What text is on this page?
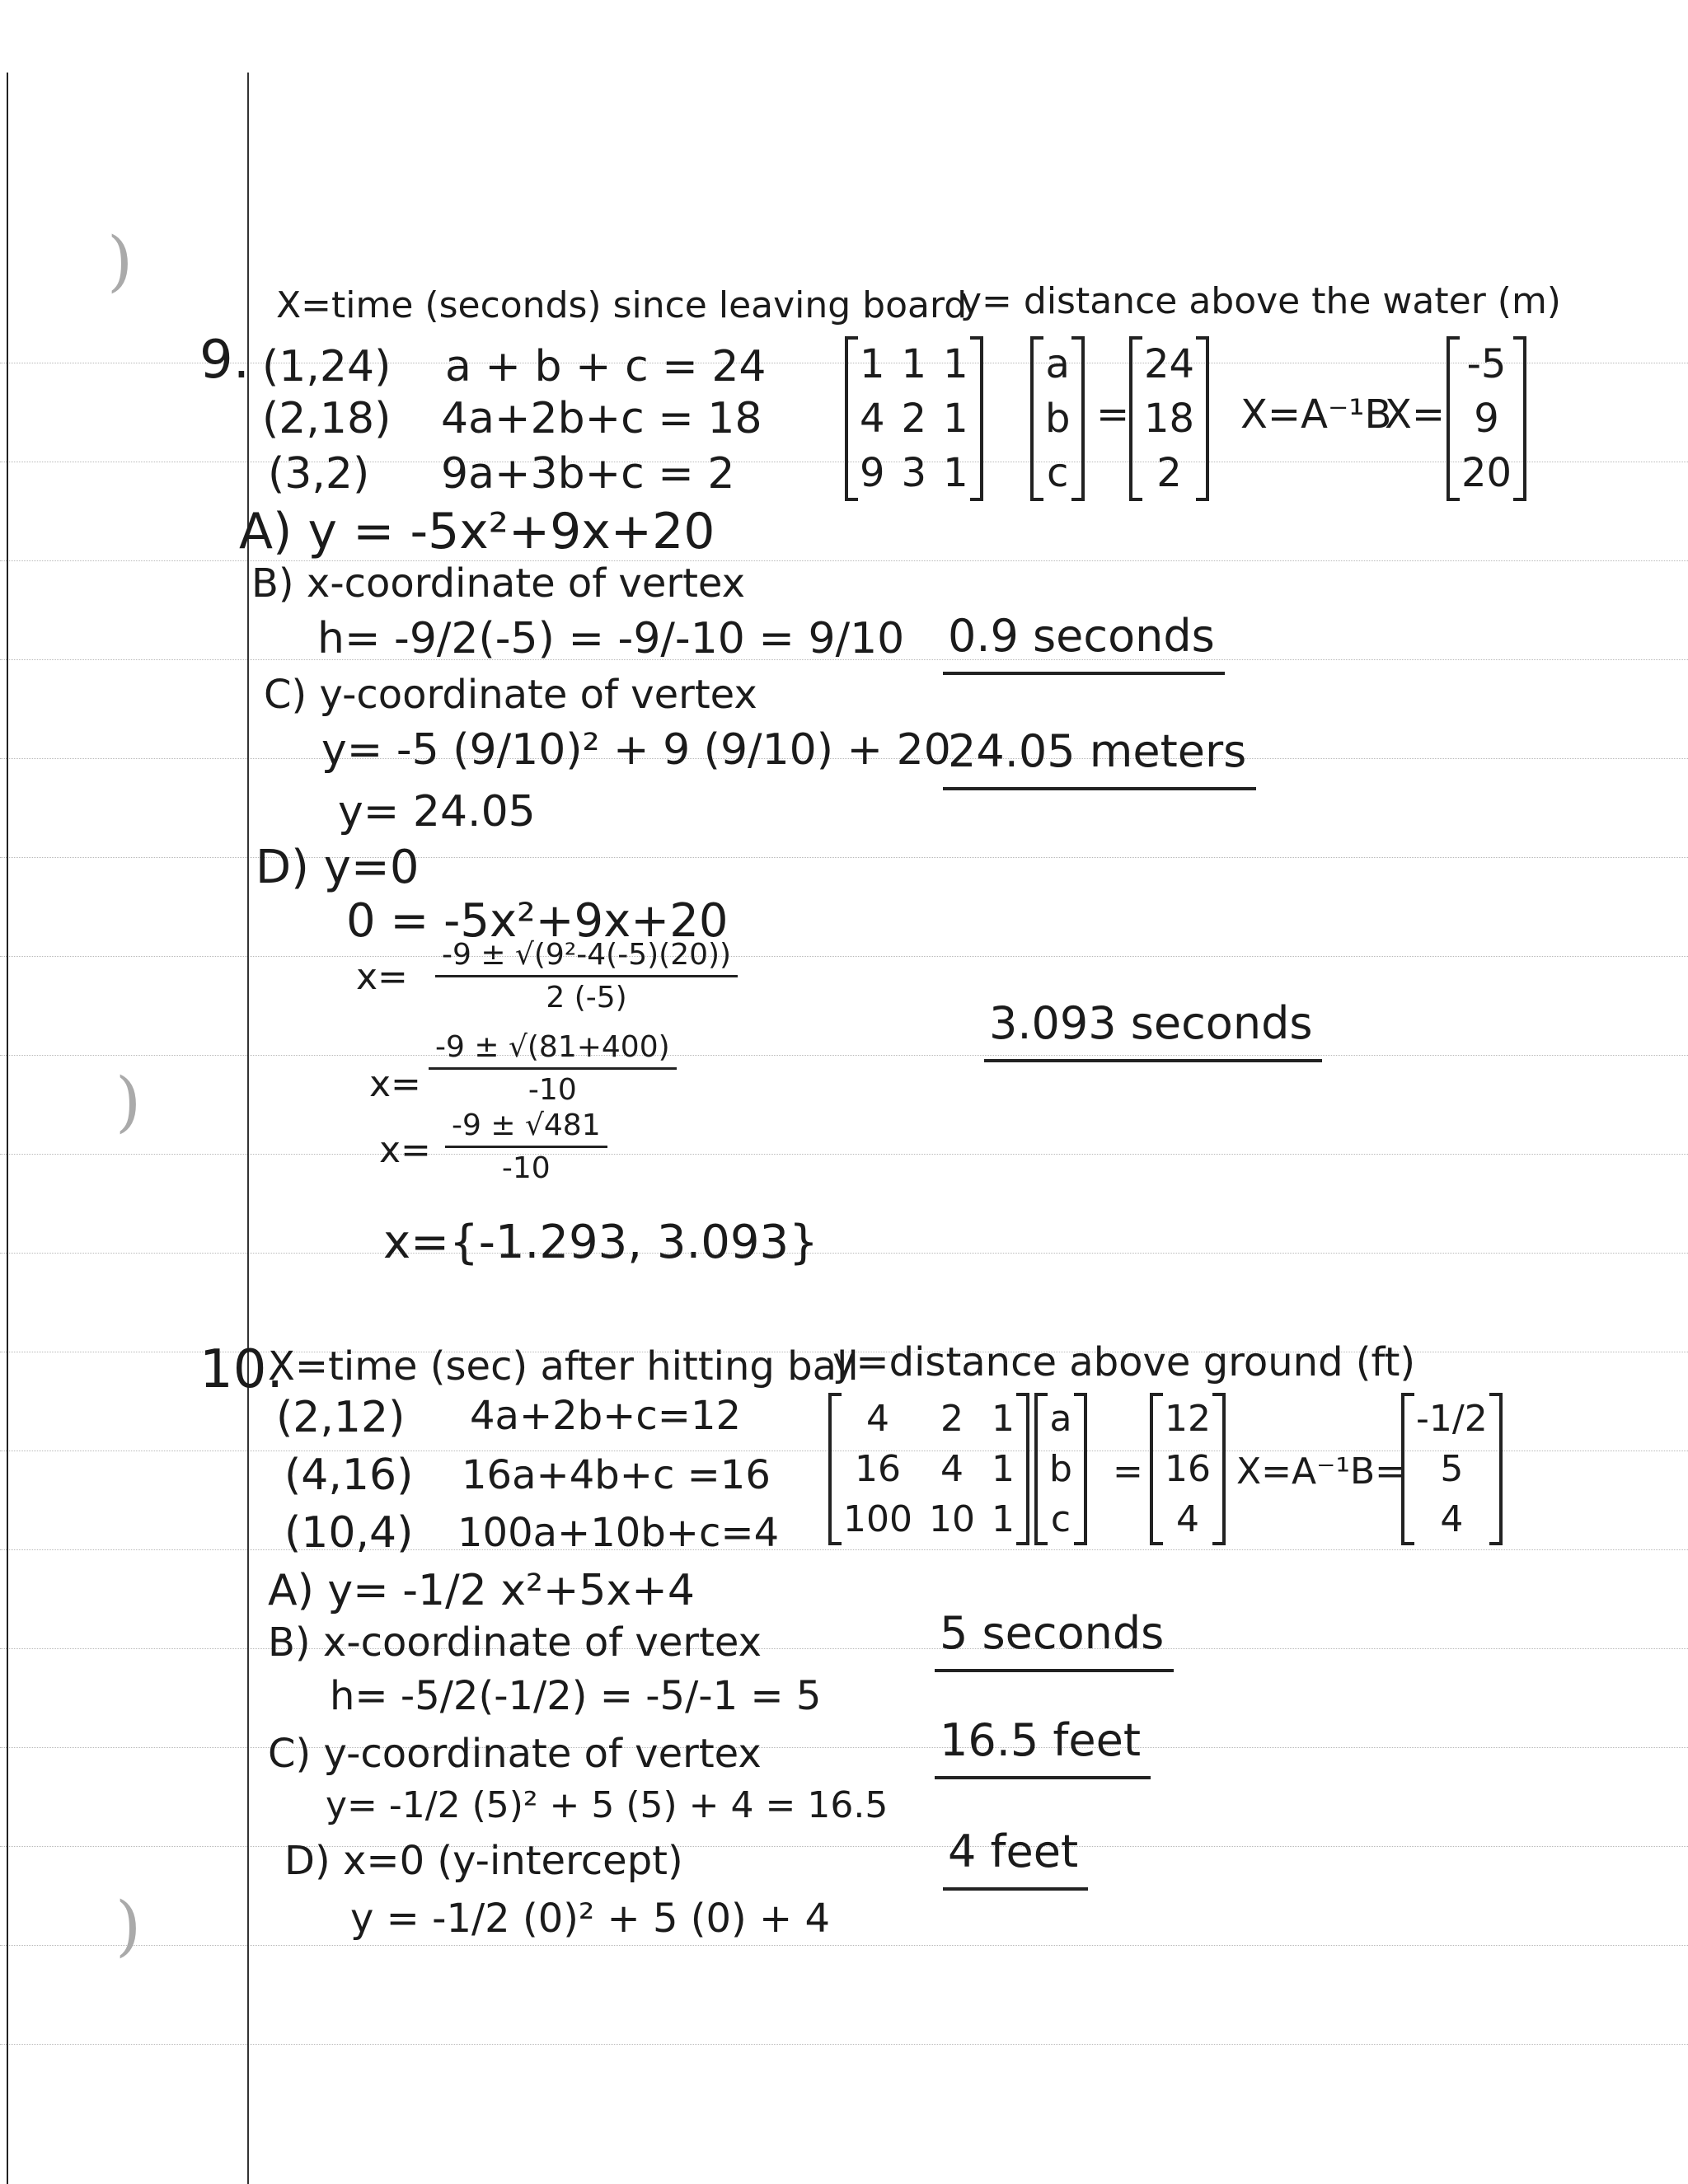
)
)
)
9.
X=time (seconds) since leaving board
y= distance above the water (m)
(1,24)
(2,18)
(3,2)
a + b + c = 24
4a+2b+c = 18
9a+3b+c = 2
1 1 1
4 2 1
9 3 1
a
b
c
=
24
18
2
X=A⁻¹B
X=
-5
9
20
A) y = -5x²+9x+20
B) x-coordinate of vertex
h= -9/2(-5) = -9/-10 = 9/10 0.9 seconds
C) y-coordinate of vertex
y= -5 (9/10)² + 9 (9/10) + 20
24.05 meters
y= 24.05
D) y=0
0 = -5x²+9x+20
$x= \frac{\text{-9 ± √(9²-4(-5)(20))}}{2 (-5)}$
$x= \frac{-9 \pm √(81+400)}{-10}$
$x= \frac{-9 \pm √481}{-10}$
x={-1.293, 3.093}
3.093 seconds
10.
X=time (sec) after hitting ball
y=distance above ground (ft)
(2,12)
(4,16)
(10,4)
4a+2b+c=12
16a+4b+c =16
100a+10b+c=4
4 2 1
16 4 1
100 10 1
a
b
c
=
12
16
4
X=A⁻¹B=
-1/2
5
4
A) y= -1/2 x²+5x+4
B) x-coordinate of vertex
h= -5/2(-1/2) = -5/-1 = 5
5 seconds
C) y-coordinate of vertex
y= -1/2 (5)² + 5 (5) + 4 = 16.5
16.5 feet
D) x=0 (y-intercept)
y = -1/2 (0)² + 5 (0) + 4
4 feet
